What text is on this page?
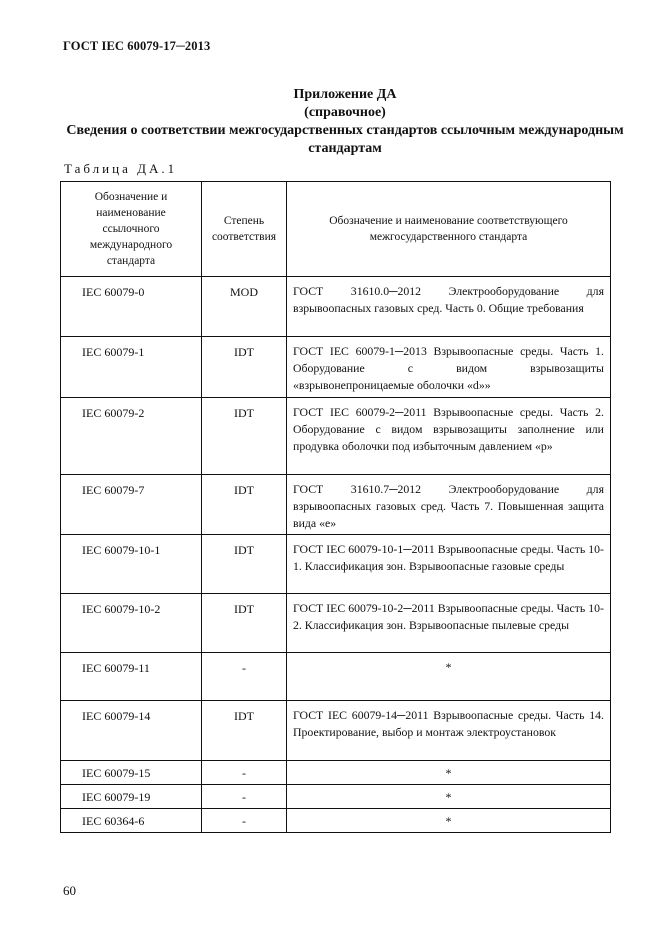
ГОСТ IEC 60079-17─2013
Приложение ДА
(справочное)
Сведения о соответствии межгосударственных стандартов ссылочным международным стандартам
Таблица ДА.1
Обозначение и наименование ссылочного международного стандарта	Степень соответствия	Обозначение и наименование соответствующего межгосударственного стандарта
IEC 60079-0	MOD	ГОСТ 31610.0─2012 Электрооборудование для взрывоопасных газовых сред. Часть 0. Общие требования
IEC 60079-1	IDT	ГОСТ IEC 60079-1─2013 Взрывоопасные среды. Часть 1. Оборудование с видом взрывозащиты «взрывонепроницаемые оболочки «d»»
IEC 60079-2	IDT	ГОСТ IEC 60079-2─2011 Взрывоопасные среды. Часть 2. Оборудование с видом взрывозащиты заполнение или продувка оболочки под избыточным давлением «р»
IEC 60079-7	IDT	ГОСТ 31610.7─2012 Электрооборудование для взрывоопасных газовых сред. Часть 7. Повышенная защита вида «е»
IEC 60079-10-1	IDT	ГОСТ IEC 60079-10-1─2011 Взрывоопасные среды. Часть 10-1. Классификация зон. Взрывоопасные газовые среды
IEC 60079-10-2	IDT	ГОСТ IEC 60079-10-2─2011 Взрывоопасные среды. Часть 10-2. Классификация зон. Взрывоопасные пылевые среды
IEC 60079-11	-	*
IEC 60079-14	IDT	ГОСТ IEC 60079-14─2011 Взрывоопасные среды. Часть 14. Проектирование, выбор и монтаж электроустановок
IEC 60079-15	-	*
IEC 60079-19	-	*
IEC 60364-6	-	*
60
